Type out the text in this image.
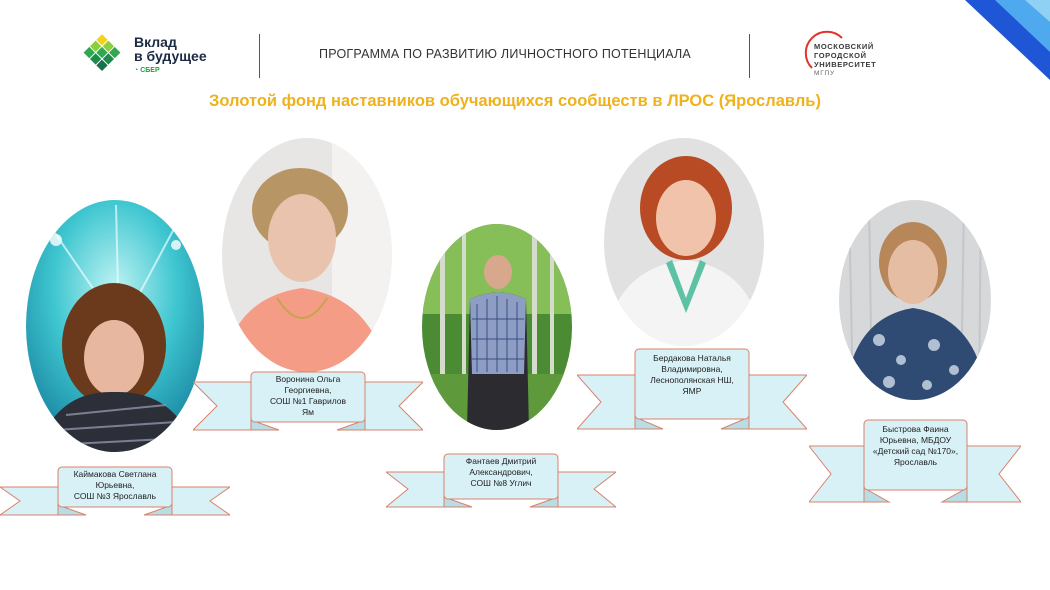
Вклад
в будущее
◔ СБЕР
ПРОГРАММА ПО РАЗВИТИЮ ЛИЧНОСТНОГО ПОТЕНЦИАЛА
МОСКОВСКИЙ
ГОРОДСКОЙ
УНИВЕРСИТЕТ
МГПУ
Золотой фонд наставников обучающихся сообществ в ЛРОС (Ярославль)
Каймакова Светлана
Юрьевна,
СОШ №3 Ярославль
Воронина Ольга
Георгиевна,
СОШ №1 Гаврилов
Ям
Фантаев Дмитрий
Александрович,
СОШ №8 Углич
Бердакова Наталья
Владимировна,
Леснополянская НШ,
ЯМР
Быстрова Фаина
Юрьевна, МБДОУ
«Детский сад №170»,
Ярославль
